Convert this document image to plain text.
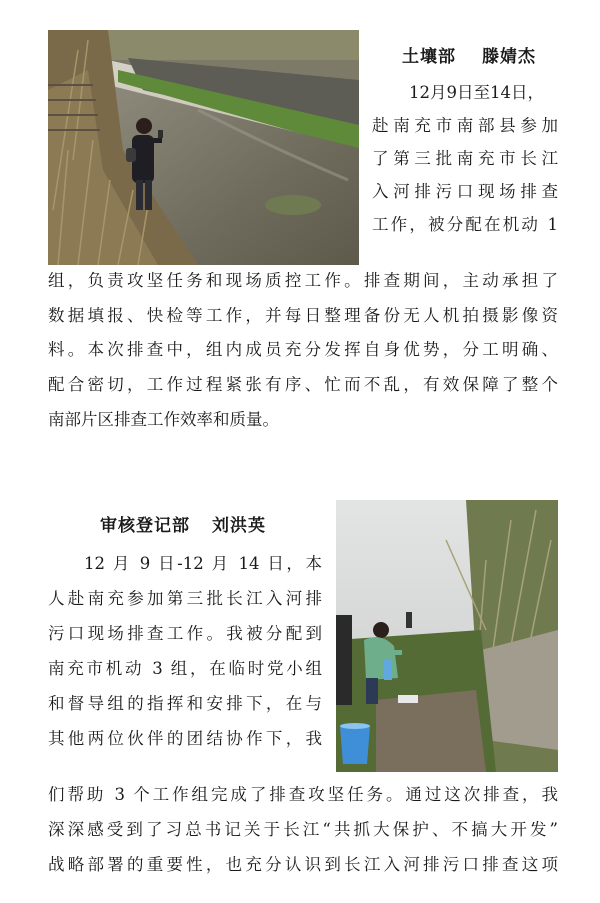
土壤部 滕婧杰
12月9日至14日，
赴南充市南部县参加
了第三批南充市长江
入河排污口现场排查
工作，被分配在机动 1
组，负责攻坚任务和现场质控工作。排查期间，主动承担了
数据填报、快检等工作，并每日整理备份无人机拍摄影像资
料。本次排查中，组内成员充分发挥自身优势，分工明确、
配合密切，工作过程紧张有序、忙而不乱，有效保障了整个
南部片区排查工作效率和质量。
审核登记部 刘洪英
12 月 9 日-12 月 14 日，本
人赴南充参加第三批长江入河排
污口现场排查工作。我被分配到
南充市机动 3 组，在临时党小组
和督导组的指挥和安排下，在与
其他两位伙伴的团结协作下，我
们帮助 3 个工作组完成了排查攻坚任务。通过这次排查，我
深深感受到了习总书记关于长江“共抓大保护、不搞大开发”
战略部署的重要性，也充分认识到长江入河排污口排查这项
